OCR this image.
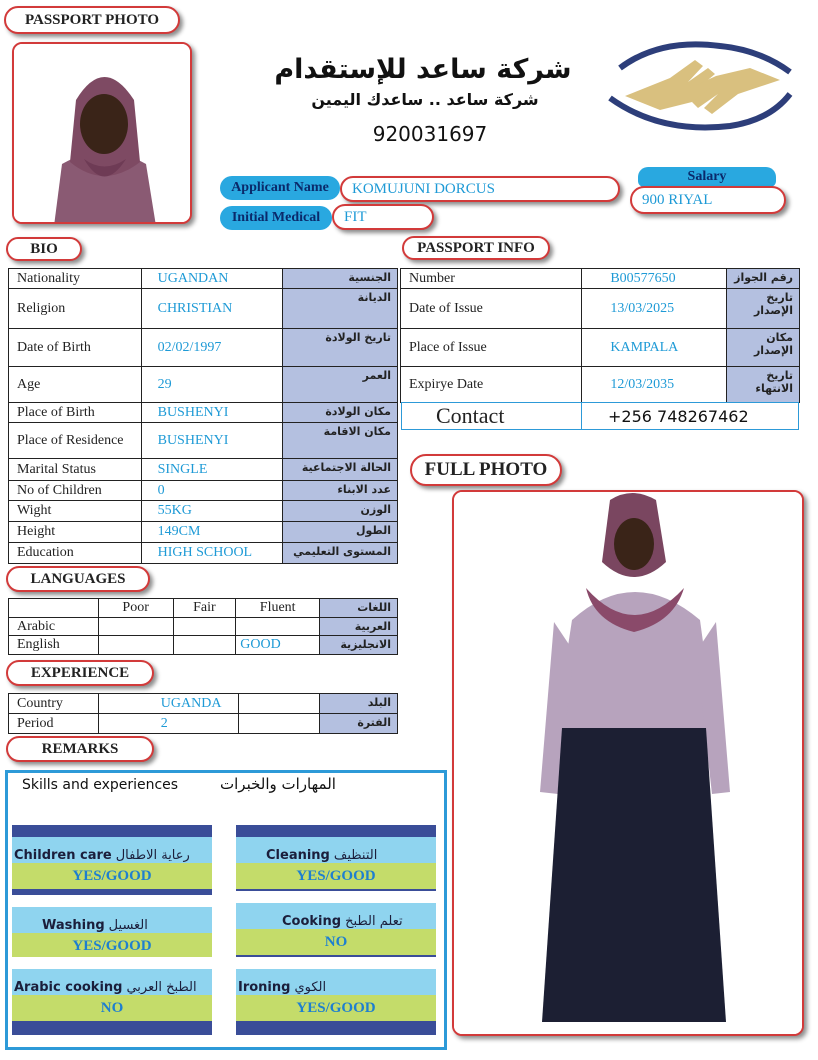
PASSPORT PHOTO
شركة ساعد للإستقدام
شركة ساعد .. ساعدك اليمين
920031697
Applicant Name	KOMUJUNI DORCUS
Initial Medical	FIT
Salary
900 RIYAL
BIO	PASSPORT INFO
Nationality	UGANDAN	الجنسية
Religion	CHRISTIAN	الديانة
Date of Birth	02/02/1997	تاريخ الولادة
Age	29	العمر
Place of Birth	BUSHENYI	مكان الولادة
Place of Residence	BUSHENYI	مكان الاقامة
Marital Status	SINGLE	الحالة الاجتماعية
No of Children	0	عدد الابناء
Wight	55KG	الوزن
Height	149CM	الطول
Education	HIGH SCHOOL	المستوى التعليمي
Number	B00577650	رقم الجواز
Date of Issue	13/03/2025	تاريخ الإصدار
Place of Issue	KAMPALA	مكان الإصدار
Expirye Date	12/03/2035	تاريخ الانتهاء
Contact	+256 748267462
FULL PHOTO
LANGUAGES
	Poor	Fair	Fluent	اللغات
Arabic				العربية
English			GOOD	الانجليزية
EXPERIENCE
Country	UGANDA		البلد
Period	2		الفترة
REMARKS
Skills and experiences	المهارات والخبرات
Children care رعاية الاطفال
YES/GOOD
Cleaning التنظيف
YES/GOOD
Washing الغسيل
YES/GOOD
Cooking تعلم الطبخ
NO
Arabic cooking الطبخ العربي
NO
Ironing الكوي
YES/GOOD
